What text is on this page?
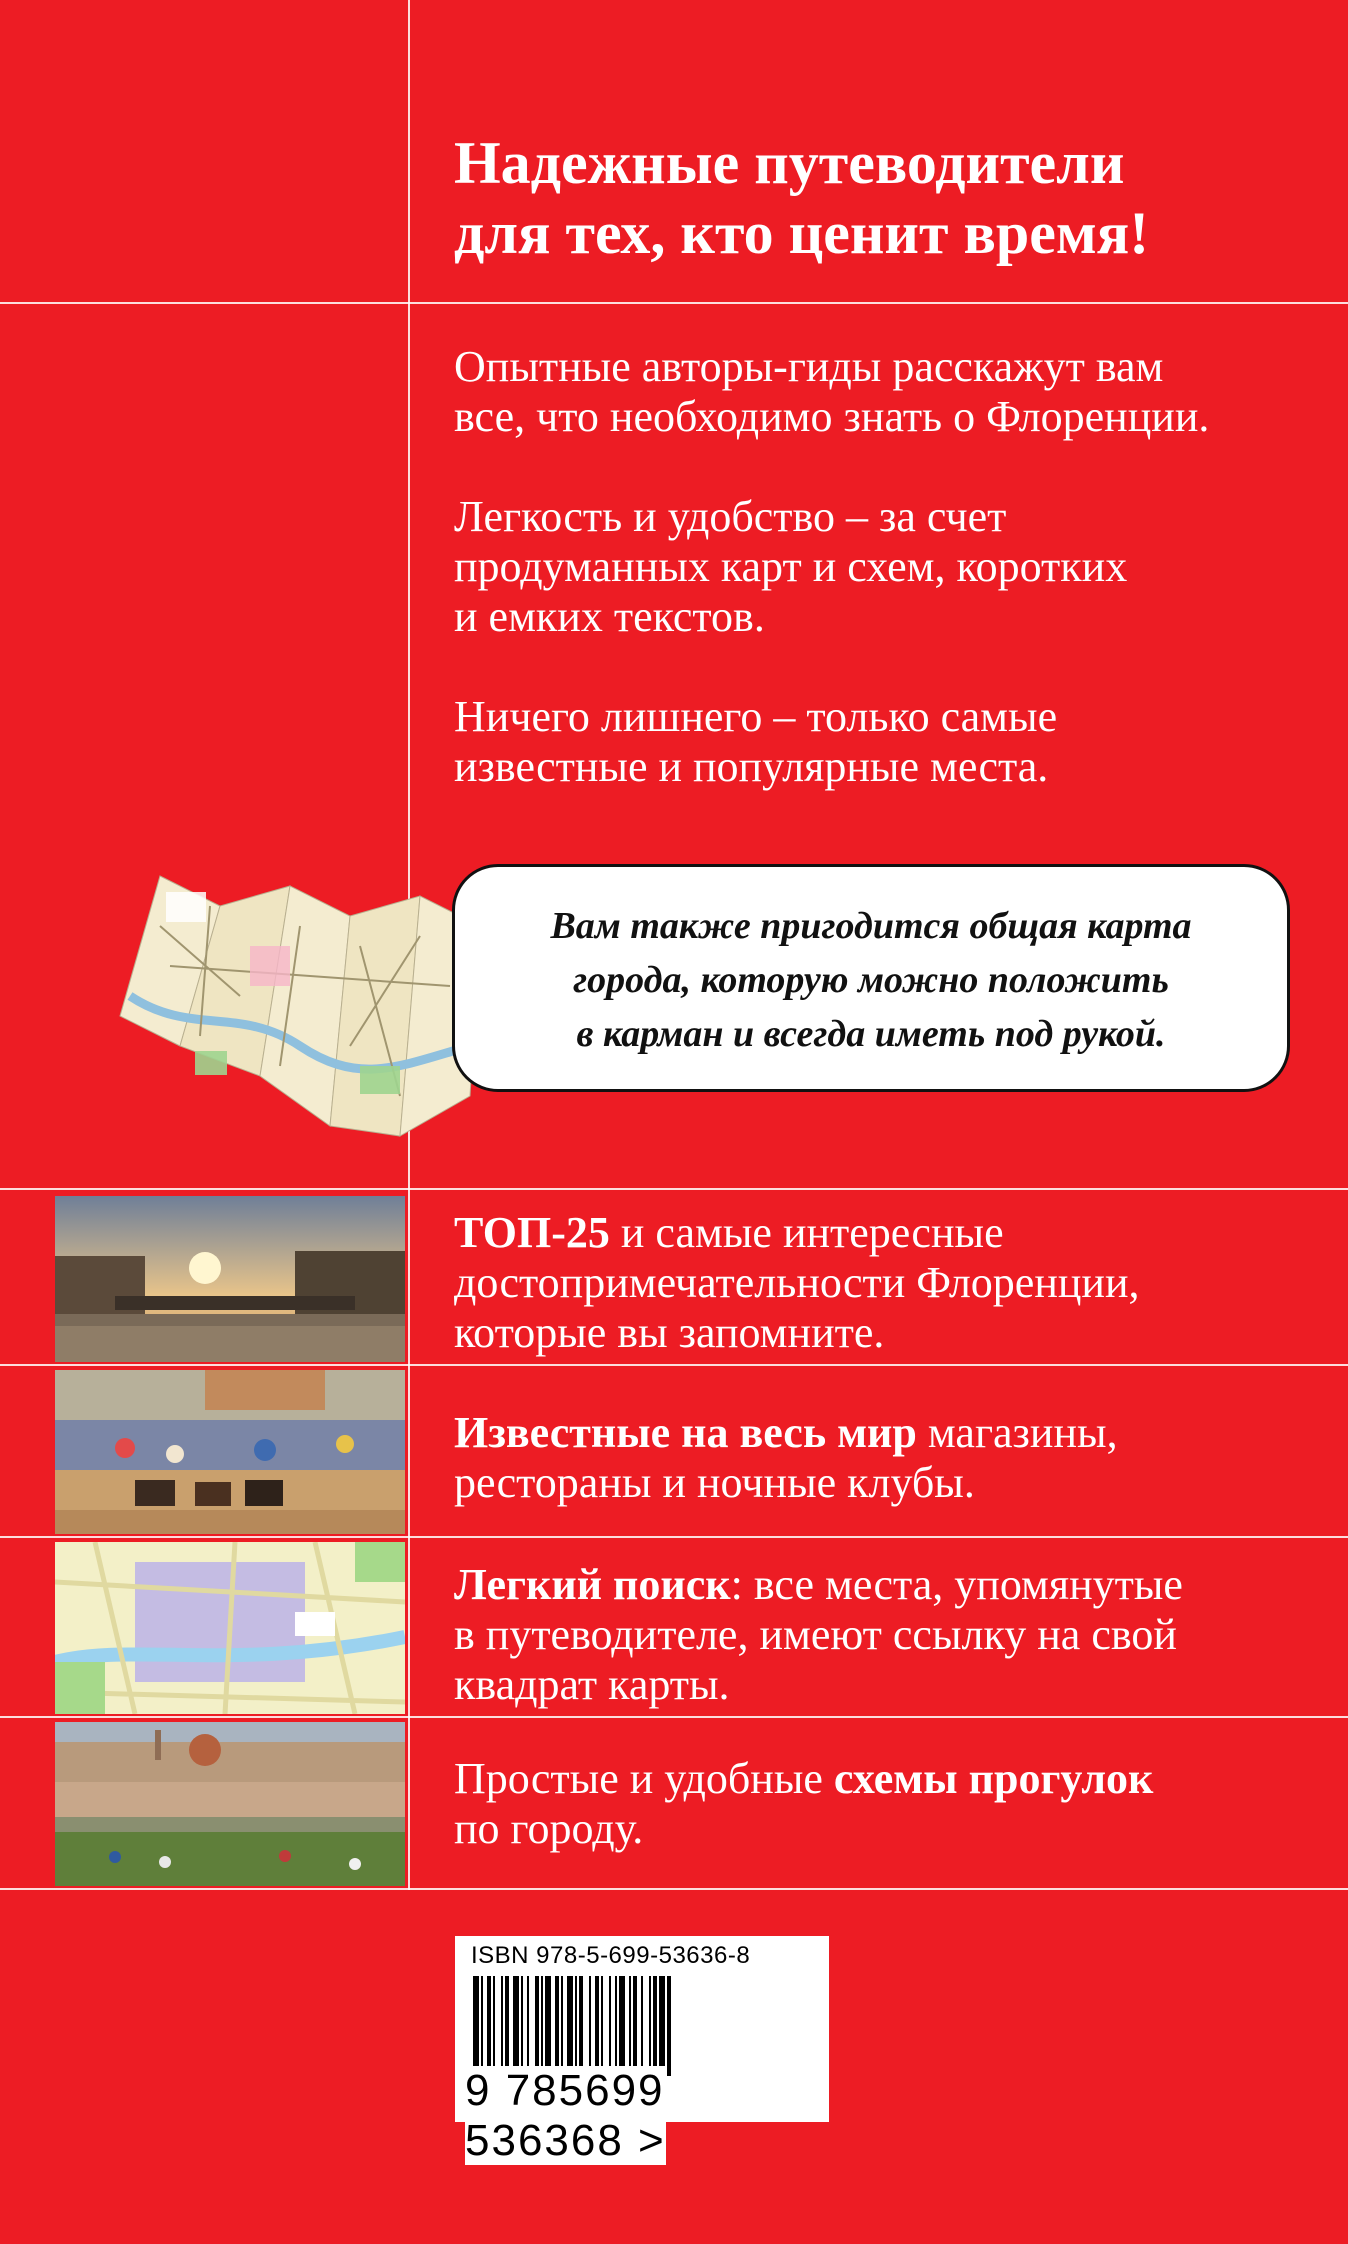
Надежные путеводители
для тех, кто ценит время!

Опытные авторы-гиды расскажут вам
все, что необходимо знать о Флоренции.

Легкость и удобство – за счет
продуманных карт и схем, коротких
и емких текстов.

Ничего лишнего – только самые
известные и популярные места.

Вам также пригодится общая карта
города, которую можно положить
в карман и всегда иметь под рукой.

ТОП-25 и самые интересные
достопримечательности Флоренции,
которые вы запомните.

Известные на весь мир магазины,
рестораны и ночные клубы.

Легкий поиск: все места, упомянутые
в путеводителе, имеют ссылку на свой
квадрат карты.

Простые и удобные схемы прогулок
по городу.

ISBN 978-5-699-53636-8
9 785699 536368 >
